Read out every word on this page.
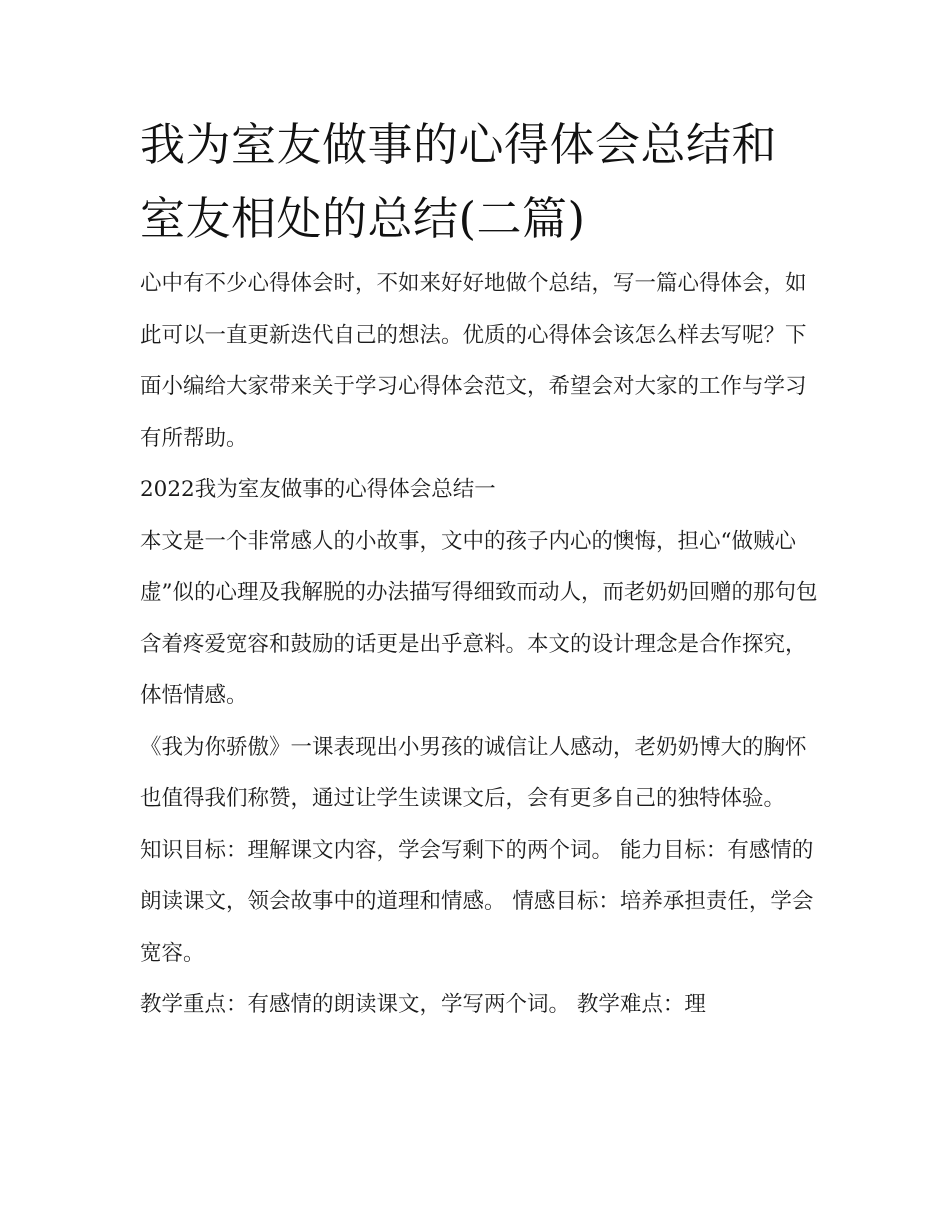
我为室友做事的心得体会总结和室友相处的总结(二篇)

心中有不少心得体会时，不如来好好地做个总结，写一篇心得体会，如此可以一直更新迭代自己的想法。优质的心得体会该怎么样去写呢？下面小编给大家带来关于学习心得体会范文，希望会对大家的工作与学习有所帮助。

2022我为室友做事的心得体会总结一

本文是一个非常感人的小故事，文中的孩子内心的懊悔，担心“做贼心虚”似的心理及我解脱的办法描写得细致而动人，而老奶奶回赠的那句包含着疼爱宽容和鼓励的话更是出乎意料。本文的设计理念是合作探究，体悟情感。

《我为你骄傲》一课表现出小男孩的诚信让人感动，老奶奶博大的胸怀也值得我们称赞，通过让学生读课文后，会有更多自己的独特体验。

知识目标：理解课文内容，学会写剩下的两个词。 能力目标：有感情的朗读课文，领会故事中的道理和情感。 情感目标：培养承担责任，学会宽容。

教学重点：有感情的朗读课文，学写两个词。 教学难点：理
